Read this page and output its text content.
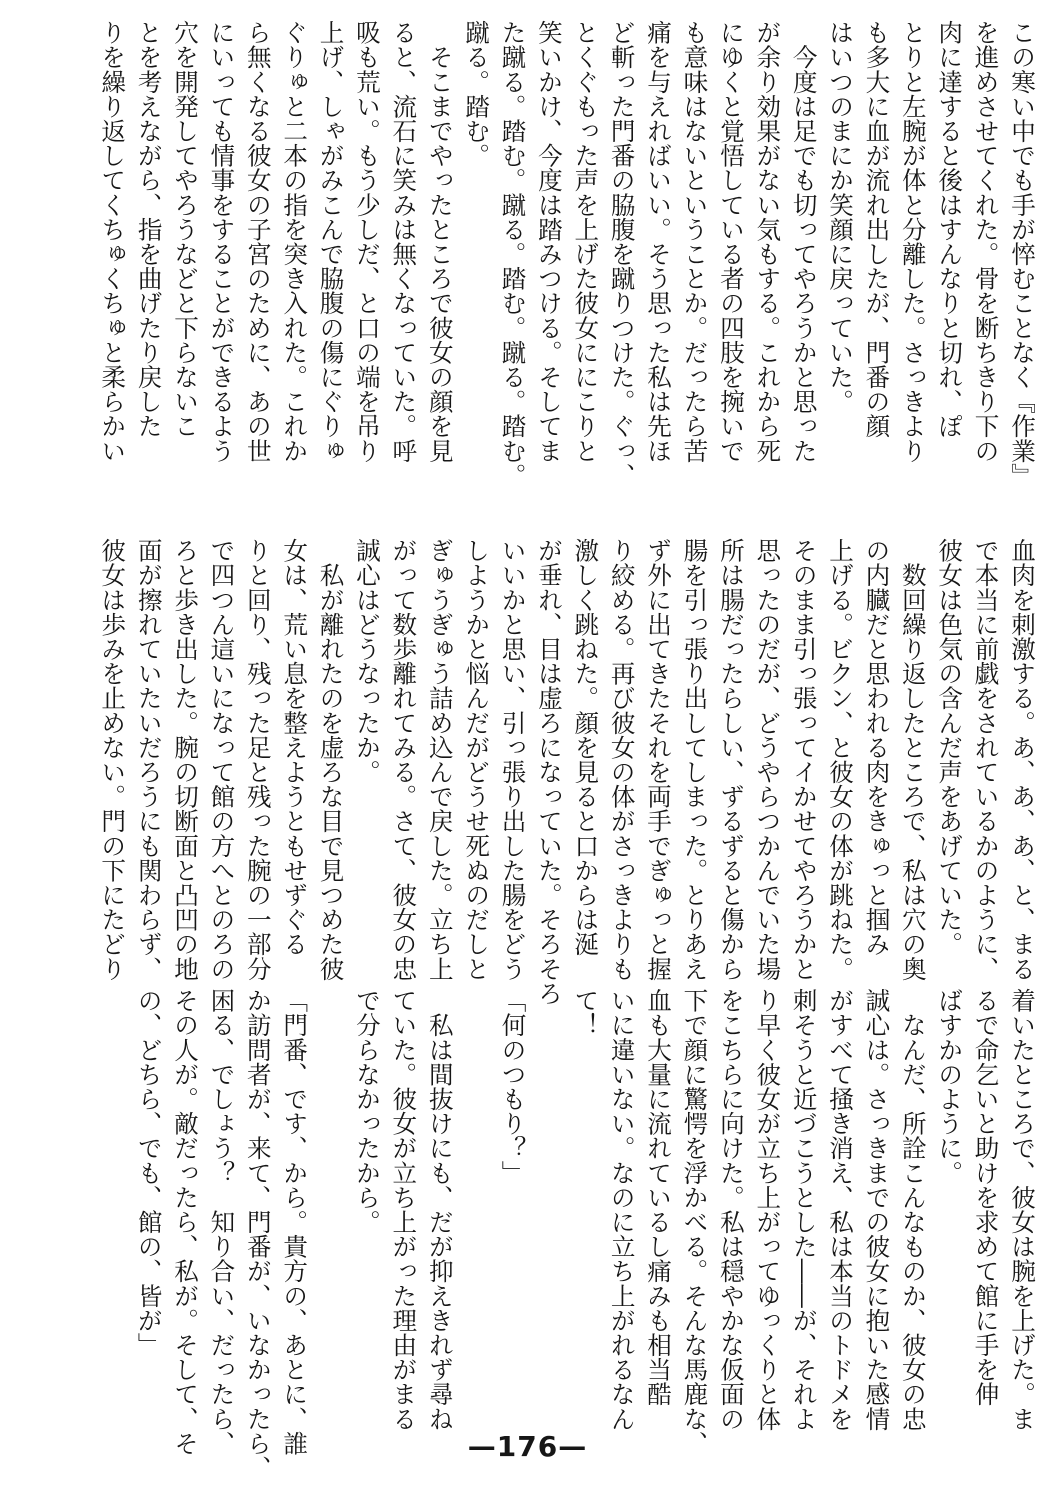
この寒い中でも手が悴むことなく『作業』
を進めさせてくれた。骨を断ちきり下の
肉に達すると後はすんなりと切れ、ぽ
とりと左腕が体と分離した。さっきより
も多大に血が流れ出したが、門番の顔
はいつのまにか笑顔に戻っていた。
　今度は足でも切ってやろうかと思った
が余り効果がない気もする。これから死
にゆくと覚悟している者の四肢を捥いで
も意味はないということか。だったら苦
痛を与えればいい。そう思った私は先ほ
ど斬った門番の脇腹を蹴りつけた。ぐっ、
とくぐもった声を上げた彼女ににこりと
笑いかけ、今度は踏みつける。そしてま
た蹴る。踏む。蹴る。踏む。蹴る。踏む。
蹴る。踏む。
　そこまでやったところで彼女の顔を見
ると、流石に笑みは無くなっていた。呼
吸も荒い。もう少しだ、と口の端を吊り
上げ、しゃがみこんで脇腹の傷にぐりゅ
ぐりゅと二本の指を突き入れた。これか
ら無くなる彼女の子宮のために、あの世
にいっても情事をすることができるよう
穴を開発してやろうなどと下らないこ
とを考えながら、指を曲げたり戻した
りを繰り返してくちゅくちゅと柔らかい
血肉を刺激する。あ、あ、あ、と、まる
で本当に前戯をされているかのように、
彼女は色気の含んだ声をあげていた。
　数回繰り返したところで、私は穴の奥
の内臓だと思われる肉をきゅっと掴み
上げる。ビクン、と彼女の体が跳ねた。
そのまま引っ張ってイかせてやろうかと
思ったのだが、どうやらつかんでいた場
所は腸だったらしい、ずるずると傷から
腸を引っ張り出してしまった。とりあえ
ず外に出てきたそれを両手でぎゅっと握
り絞める。再び彼女の体がさっきよりも
激しく跳ねた。顔を見ると口からは涎
が垂れ、目は虚ろになっていた。そろそろ
いいかと思い、引っ張り出した腸をどう
しようかと悩んだがどうせ死ぬのだしと
ぎゅうぎゅう詰め込んで戻した。立ち上
がって数歩離れてみる。さて、彼女の忠
誠心はどうなったか。
　私が離れたのを虚ろな目で見つめた彼
女は、荒い息を整えようともせずぐる
りと回り、残った足と残った腕の一部分
で四つん這いになって館の方へとのろの
ろと歩き出した。腕の切断面と凸凹の地
面が擦れていたいだろうにも関わらず、
彼女は歩みを止めない。門の下にたどり
着いたところで、彼女は腕を上げた。ま
るで命乞いと助けを求めて館に手を伸
ばすかのように。
　なんだ、所詮こんなものか、彼女の忠
誠心は。さっきまでの彼女に抱いた感情
がすべて掻き消え、私は本当のトドメを
刺そうと近づこうとした――が、それよ
り早く彼女が立ち上がってゆっくりと体
をこちらに向けた。私は穏やかな仮面の
下で顔に驚愕を浮かべる。そんな馬鹿な、
血も大量に流れているし痛みも相当酷
いに違いない。なのに立ち上がれるなん
て！
「何のつもり？」
　私は間抜けにも、だが抑えきれず尋ね
ていた。彼女が立ち上がった理由がまる
で分らなかったから。
「門番、です、から。貴方の、あとに、誰
か訪問者が、来て、門番が、いなかったら、
困る、でしょう？　知り合い、だったら、
その人が。敵だったら、私が。そして、そ
の、どちら、でも、館の、皆が」
—176—
